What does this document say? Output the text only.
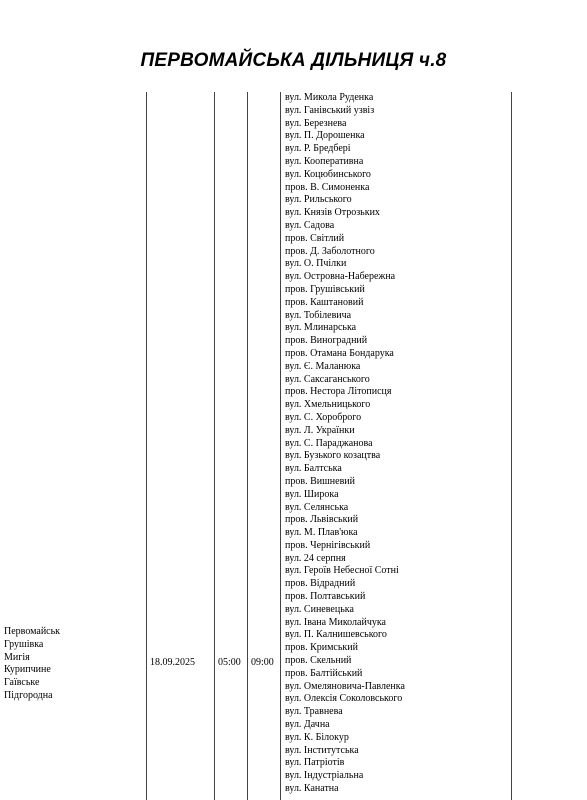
ПЕРВОМАЙСЬКА ДІЛЬНИЦЯ ч.8
Первомайськ
Грушівка
Мигія
Курипчине
Гаївське
Підгородна
18.09.2025 05:00 09:00
вул. Микола Руденка
вул. Ганівський узвіз
вул. Березнева
вул. П. Дорошенка
вул. Р. Бредбері
вул. Кооперативна
вул. Коцюбинського
пров. В. Симоненка
вул. Рильського
вул. Князів Отрозьких
вул. Садова
пров. Світлий
пров. Д. Заболотного
вул. О. Пчілки
вул. Островна-Набережна
пров. Грушівський
пров. Каштановий
вул. Тобілевича
вул. Млинарська
пров. Виноградний
пров. Отамана Бондарука
вул. Є. Маланюка
вул. Саксаганського
пров. Нестора Літописця
вул. Хмельницького
вул. С. Хороброго
вул. Л. Українки
вул. С. Параджанова
вул. Бузького козацтва
вул. Балтська
пров. Вишневий
вул. Широка
вул. Селянська
пров. Львівський
вул. М. Плав'юка
пров. Чернігівський
вул. 24 серпня
вул. Героїв Небесної Сотні
пров. Відрадний
пров. Полтавський
вул. Синевецька
вул. Івана Миколайчука
вул. П. Калнишевського
пров. Кримський
пров. Скельний
пров. Балтійський
вул. Омеляновича-Павленка
вул. Олексія Соколовського
вул. Травнева
вул. Дачна
вул. К. Білокур
вул. Інститутська
вул. Патріотів
вул. Індустріальна
вул. Канатна
